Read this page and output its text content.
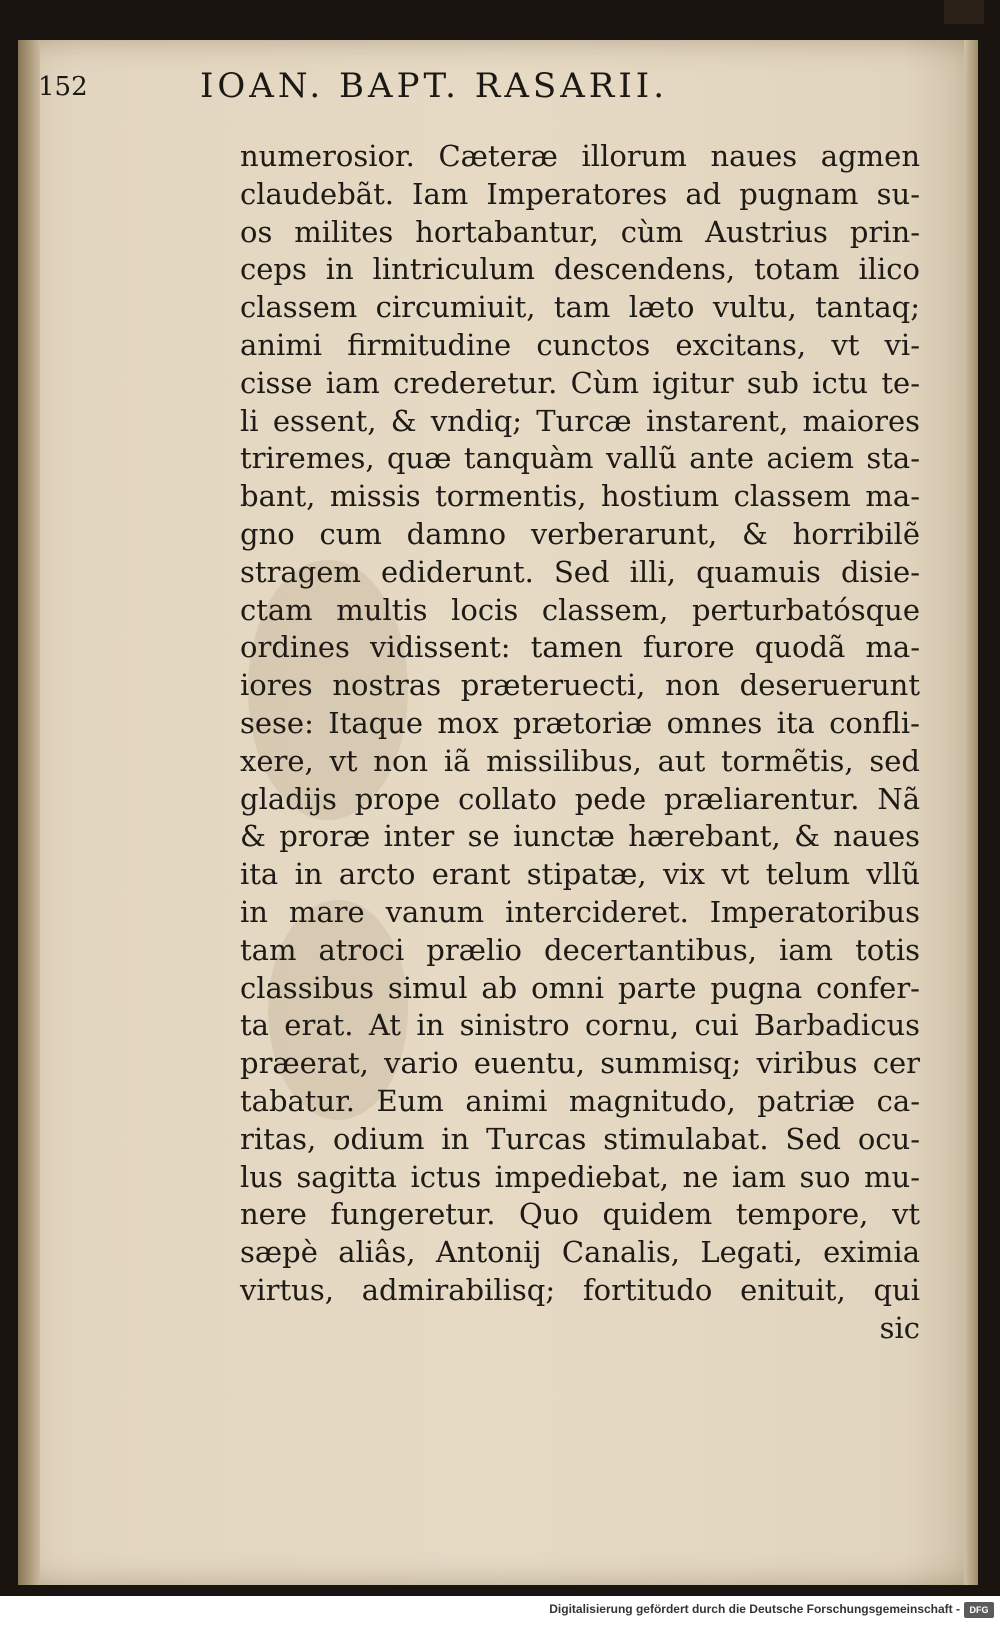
152	IOAN. BAPT. RASARII.
numerosior. Cæteræ illorum naues agmen
claudebãt. Iam Imperatores ad pugnam su-
os milites hortabantur, cùm Austrius prin-
ceps in lintriculum descendens, totam ilico
classem circumiuit, tam læto vultu, tantaq;
animi firmitudine cunctos excitans, vt vi-
cisse iam crederetur. Cùm igitur sub ictu te-
li essent, & vndiq; Turcæ instarent, maiores
triremes, quæ tanquàm vallũ ante aciem sta-
bant, missis tormentis, hostium classem ma-
gno cum damno verberarunt, & horribilẽ
stragem ediderunt. Sed illi, quamuis disie-
ctam multis locis classem, perturbatósque
ordines vidissent: tamen furore quodã ma-
iores nostras præteruecti, non deseruerunt
sese: Itaque mox prætoriæ omnes ita confli-
xere, vt non iã missilibus, aut tormẽtis, sed
gladijs prope collato pede præliarentur. Nã
& proræ inter se iunctæ hærebant, & naues
ita in arcto erant stipatæ, vix vt telum vllũ
in mare vanum intercideret. Imperatoribus
tam atroci prælio decertantibus, iam totis
classibus simul ab omni parte pugna confer-
ta erat. At in sinistro cornu, cui Barbadicus
præerat, vario euentu, summisq; viribus cer
tabatur. Eum animi magnitudo, patriæ ca-
ritas, odium in Turcas stimulabat. Sed ocu-
lus sagitta ictus impediebat, ne iam suo mu-
nere fungeretur. Quo quidem tempore, vt
sæpè aliâs, Antonij Canalis, Legati, eximia
virtus, admirabilisq; fortitudo enituit, qui
sic
Digitalisierung gefördert durch die Deutsche Forschungsgemeinschaft -	DFG
